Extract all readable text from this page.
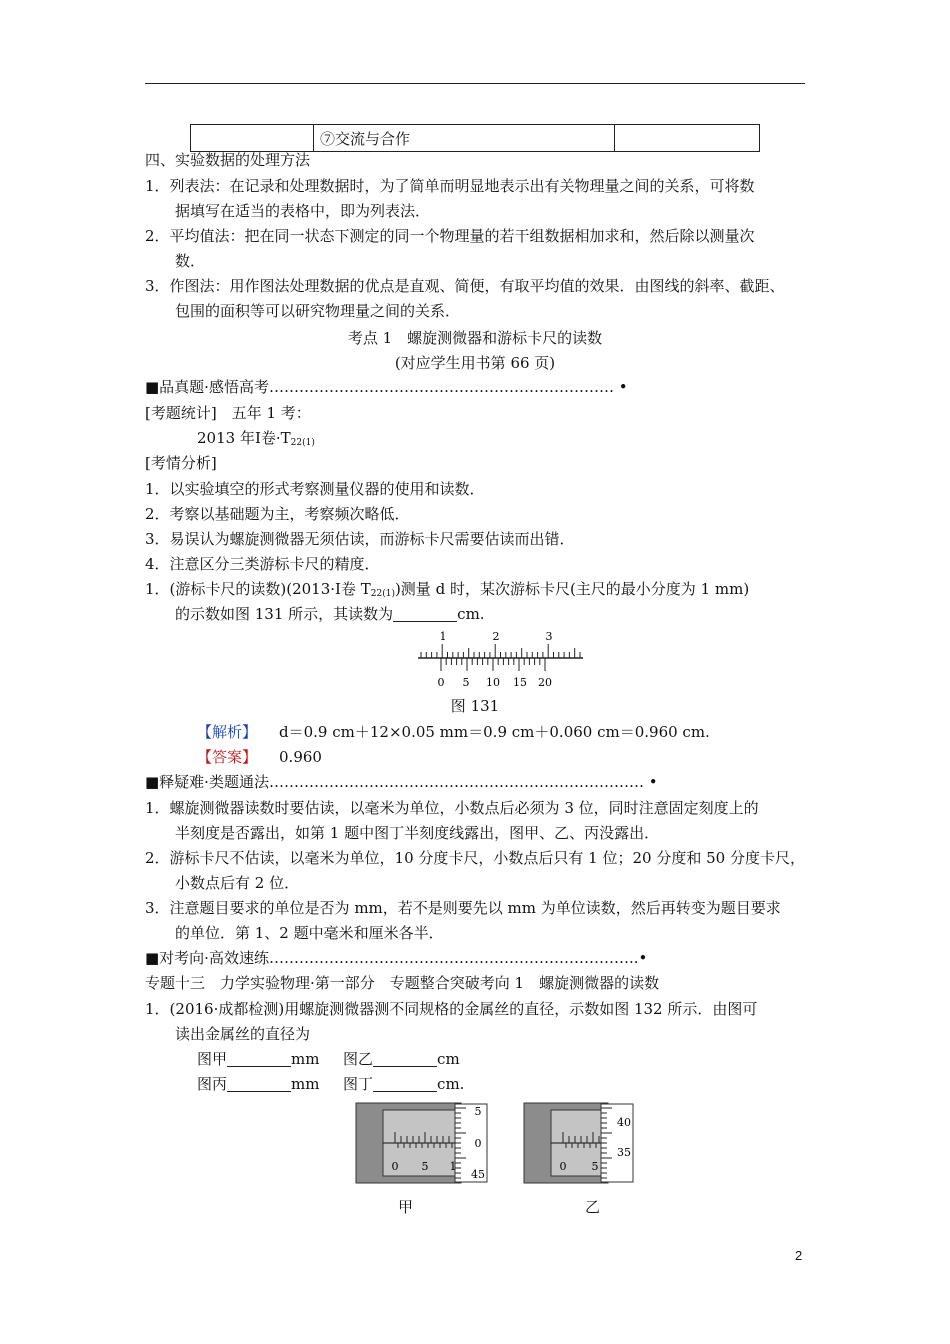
	⑦交流与合作	
四、实验数据的处理方法
1．列表法：在记录和处理数据时，为了简单而明显地表示出有关物理量之间的关系，可将数
据填写在适当的表格中，即为列表法．
2．平均值法：把在同一状态下测定的同一个物理量的若干组数据相加求和，然后除以测量次
数．
3．作图法：用作图法处理数据的优点是直观、简便，有取平均值的效果．由图线的斜率、截距、
包围的面积等可以研究物理量之间的关系．
考点 1　螺旋测微器和游标卡尺的读数
(对应学生用书第 66 页)
■品真题·感悟高考…………………………………………………………… •
[考题统计]　五年 1 考：
2013 年Ⅰ卷$\cdot T_{22(1)}$
[考情分析]
1．以实验填空的形式考察测量仪器的使用和读数．
2．考察以基础题为主，考察频次略低．
3．易误认为螺旋测微器无须估读，而游标卡尺需要估读而出错．
4．注意区分三类游标卡尺的精度．
1．(游标卡尺的读数)(2013·Ⅰ卷 $T_{22(1)}$)测量 d 时，某次游标卡尺(主尺的最小分度为 1 mm)
的示数如图 131 所示，其读数为	cm.
1	2	3
0 5 10 15 20
图 131
【解析】 d＝0.9 cm＋12×0.05 mm＝0.9 cm＋0.060 cm＝0.960 cm.
【答案】 0.960
■释疑难·类题通法………………………………………………………………… •
1．螺旋测微器读数时要估读，以毫米为单位，小数点后必须为 3 位，同时注意固定刻度上的
半刻度是否露出，如第 1 题中图丁半刻度线露出，图甲、乙、丙没露出．
2．游标卡尺不估读，以毫米为单位，10 分度卡尺，小数点后只有 1 位；20 分度和 50 分度卡尺，
小数点后有 2 位．
3．注意题目要求的单位是否为 mm，若不是则要先以 mm 为单位读数，然后再转变为题目要求
的单位．第 1、2 题中毫米和厘米各半．
■对考向·高效速练………………………………………………………………..•
专题十三　力学实验物理·第一部分　专题整合突破考向 1　螺旋测微器的读数
1．(2016·成都检测)用螺旋测微器测不同规格的金属丝的直径，示数如图 132 所示．由图可
读出金属丝的直径为
图甲	mm 图乙	cm
图丙	mm 图丁	cm.
0 5 1
5
0
45
甲
0 5
40
35
乙
2
